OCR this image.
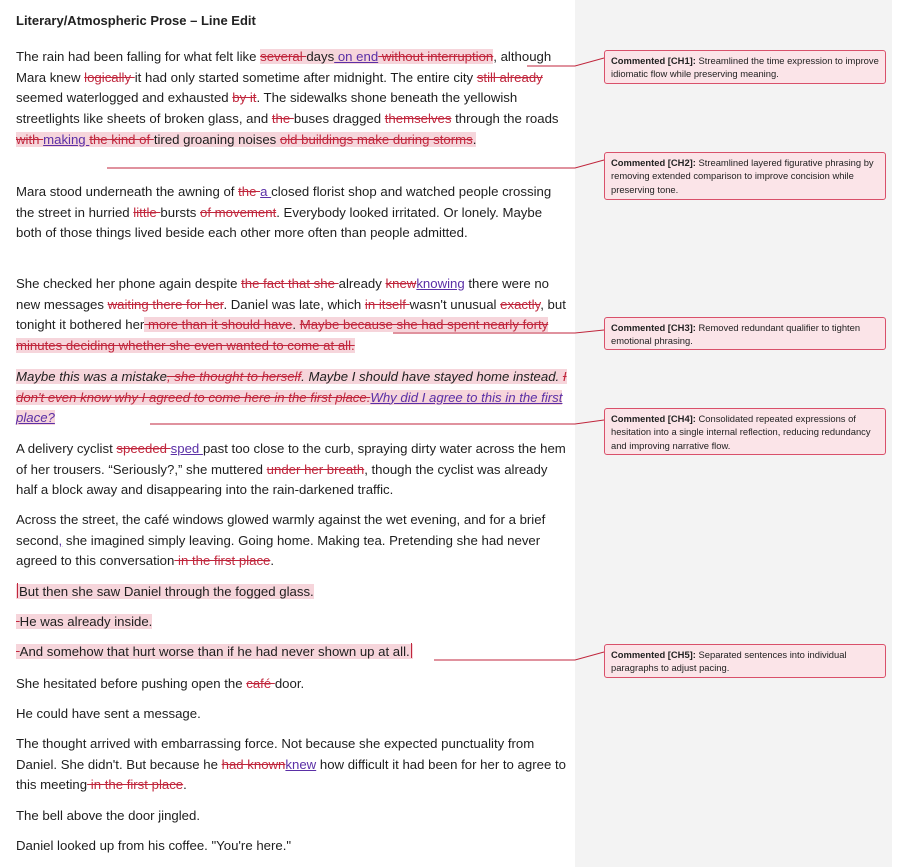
Literary/Atmospheric Prose – Line Edit

The rain had been falling for what felt like several days on end without interruption, although Mara knew logically it had only started sometime after midnight. The entire city still already seemed waterlogged and exhausted by it. The sidewalks shone beneath the yellowish streetlights like sheets of broken glass, and the buses dragged themselves through the roads with making the kind of tired groaning noises old buildings make during storms.

Mara stood underneath the awning of the a closed florist shop and watched people crossing the street in hurried little bursts of movement. Everybody looked irritated. Or lonely. Maybe both of those things lived beside each other more often than people admitted.

She checked her phone again despite the fact that she already knewknowing there were no new messages waiting there for her. Daniel was late, which in itself wasn't unusual exactly, but tonight it bothered her more than it should have. Maybe because she had spent nearly forty minutes deciding whether she even wanted to come at all.

Maybe this was a mistake, she thought to herself. Maybe I should have stayed home instead. I don't even know why I agreed to come here in the first place.Why did I agree to this in the first place?

A delivery cyclist speeded sped past too close to the curb, spraying dirty water across the hem of her trousers. “Seriously?,” she muttered under her breath, though the cyclist was already half a block away and disappearing into the rain-darkened traffic.

Across the street, the café windows glowed warmly against the wet evening, and for a brief second, she imagined simply leaving. Going home. Making tea. Pretending she had never agreed to this conversation in the first place.

But then she saw Daniel through the fogged glass.

He was already inside.

And somehow that hurt worse than if he had never shown up at all.

She hesitated before pushing open the café door.

He could have sent a message.

The thought arrived with embarrassing force. Not because she expected punctuality from Daniel. She didn't. But because he had knownknew how difficult it had been for her to agree to this meeting in the first place.

The bell above the door jingled.

Daniel looked up from his coffee. "You're here."

Commented [CH1]: Streamlined the time expression to improve idiomatic flow while preserving meaning.
Commented [CH2]: Streamlined layered figurative phrasing by removing extended comparison to improve concision while preserving tone.
Commented [CH3]: Removed redundant qualifier to tighten emotional phrasing.
Commented [CH4]: Consolidated repeated expressions of hesitation into a single internal reflection, reducing redundancy and improving narrative flow.
Commented [CH5]: Separated sentences into individual paragraphs to adjust pacing.
